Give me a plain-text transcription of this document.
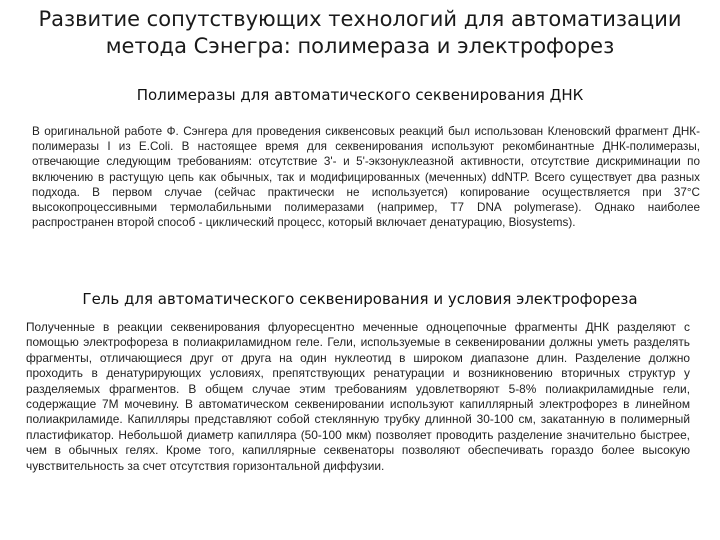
Развитие сопутствующих технологий для автоматизации метода Сэнегра: полимераза и электрофорез
Полимеразы для автоматического секвенирования ДНК

В оригинальной работе Ф. Сэнгера для проведения сиквенсовых реакций был использован Кленовский фрагмент ДНК-полимеразы I из E.Coli. В настоящее время для секвенирования используют рекомбинантные ДНК-полимеразы, отвечающие следующим требованиям: отсутствие 3'- и 5'-экзонуклеазной активности, отсутствие дискриминации по включению в растущую цепь как обычных, так и модифицированных (меченных) ddNTP. Всего существует два разных подхода. В первом случае (сейчас практически не используется) копирование осуществляется при 37°C высокопроцессивными термолабильными полимеразами (например, T7 DNA polymerase). Однако наиболее распространен второй способ - циклический процесс, который включает денатурацию, Biosystems).

Гель для автоматического секвенирования и условия электрофореза

Полученные в реакции секвенирования флуоресцентно меченные одноцепочные фрагменты ДНК разделяют с помощью электрофореза в полиакриламидном геле. Гели, используемые в секвенировании должны уметь разделять фрагменты, отличающиеся друг от друга на один нуклеотид в широком диапазоне длин. Разделение должно проходить в денатурирующих условиях, препятствующих ренатурации и возникновению вторичных структур у разделяемых фрагментов. В общем случае этим требованиям удовлетворяют 5-8% полиакриламидные гели, содержащие 7М мочевину. В автоматическом секвенировании используют капиллярный электрофорез в линейном полиакриламиде. Капилляры представляют собой стеклянную трубку длинной 30-100 см, закатанную в полимерный пластификатор. Небольшой диаметр капилляра (50-100 мкм) позволяет проводить разделение значительно быстрее, чем в обычных гелях. Кроме того, капиллярные секвенаторы позволяют обеспечивать гораздо более высокую чувствительность за счет отсутствия горизонтальной диффузии.
